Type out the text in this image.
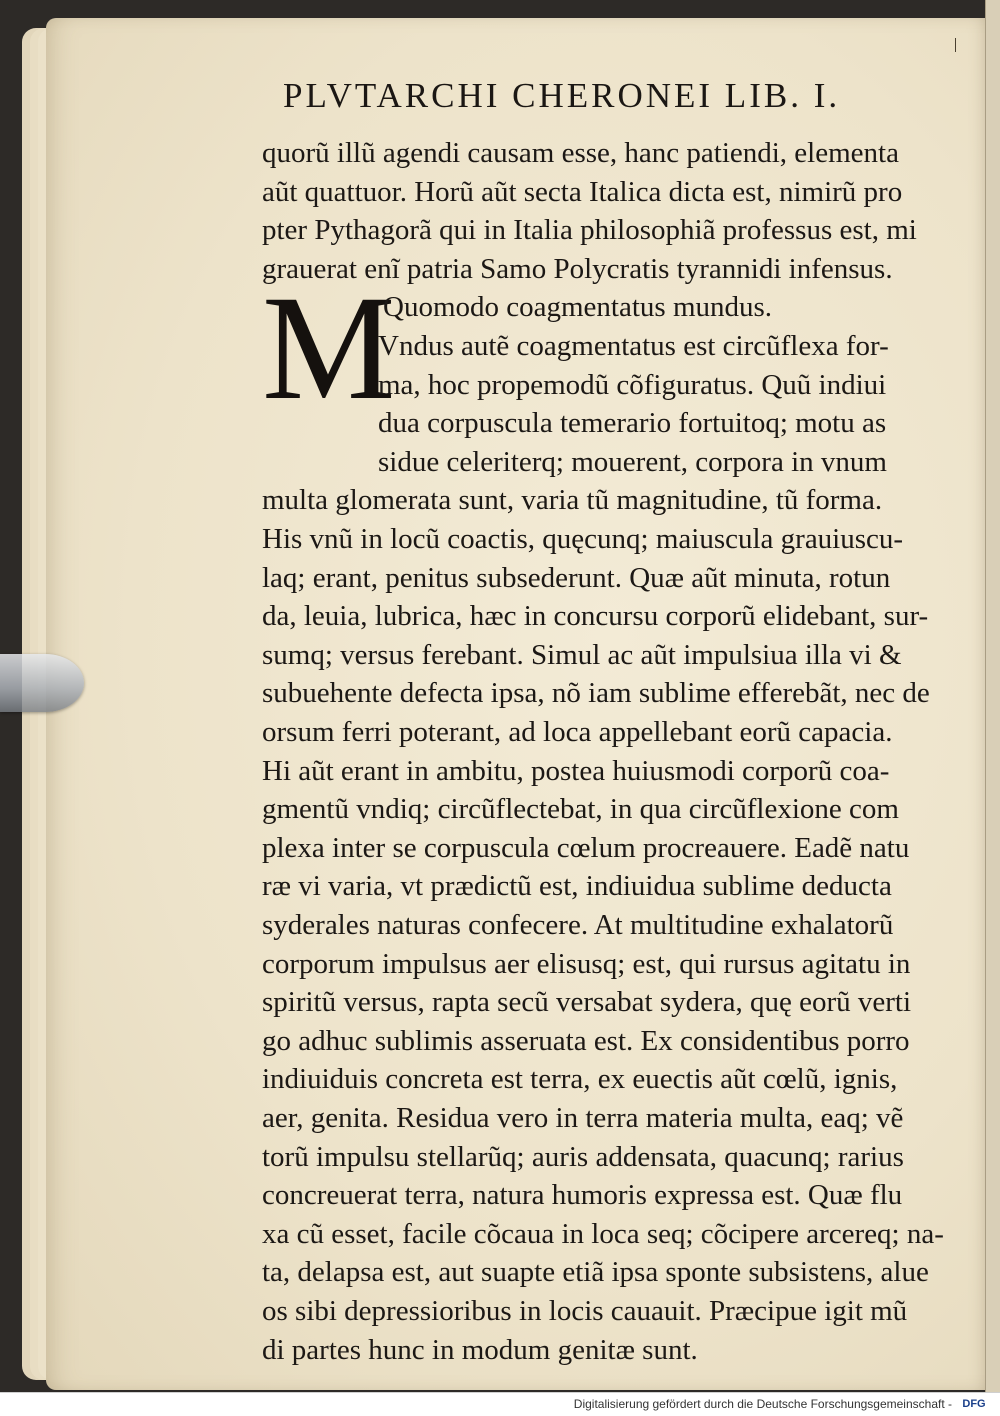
PLVTARCHI CHERONEI LIB. I.
M
quorũ illũ agendi causam esse, hanc patiendi, elementa
aũt quattuor. Horũ aũt secta Italica dicta est, nimirũ pro
pter Pythagorã qui in Italia philosophiã professus est, mi
grauerat enĩ patria Samo Polycratis tyrannidi infensus.
Quomodo coagmentatus mundus.
Vndus autẽ coagmentatus est circũflexa for-
ma, hoc propemodũ cõfiguratus. Quũ indiui
dua corpuscula temerario fortuitoq; motu as
sidue celeriterq; mouerent, corpora in vnum
multa glomerata sunt, varia tũ magnitudine, tũ forma.
His vnũ in locũ coactis, quęcunq; maiuscula grauiuscu-
laq; erant, penitus subsederunt. Quæ aũt minuta, rotun
da, leuia, lubrica, hæc in concursu corporũ elidebant, sur-
sumq; versus ferebant. Simul ac aũt impulsiua illa vi &
subuehente defecta ipsa, nõ iam sublime efferebãt, nec de
orsum ferri poterant, ad loca appellebant eorũ capacia.
Hi aũt erant in ambitu, postea huiusmodi corporũ coa-
gmentũ vndiq; circũflectebat, in qua circũflexione com
plexa inter se corpuscula cœlum procreauere. Eadẽ natu
ræ vi varia, vt prædictũ est, indiuidua sublime deducta
syderales naturas confecere. At multitudine exhalatorũ
corporum impulsus aer elisusq; est, qui rursus agitatu in
spiritũ versus, rapta secũ versabat sydera, quę eorũ verti
go adhuc sublimis asseruata est. Ex considentibus porro
indiuiduis concreta est terra, ex euectis aũt cœlũ, ignis,
aer, genita. Residua vero in terra materia multa, eaq; vẽ
torũ impulsu stellarũq; auris addensata, quacunq; rarius
concreuerat terra, natura humoris expressa est. Quæ flu
xa cũ esset, facile cõcaua in loca seq; cõcipere arcereq; na-
ta, delapsa est, aut suapte etiã ipsa sponte subsistens, alue
os sibi depressioribus in locis cauauit. Præcipue igit mũ
di partes hunc in modum genitæ sunt.
Digitalisierung gefördert durch die Deutsche Forschungsgemeinschaft - DFG
